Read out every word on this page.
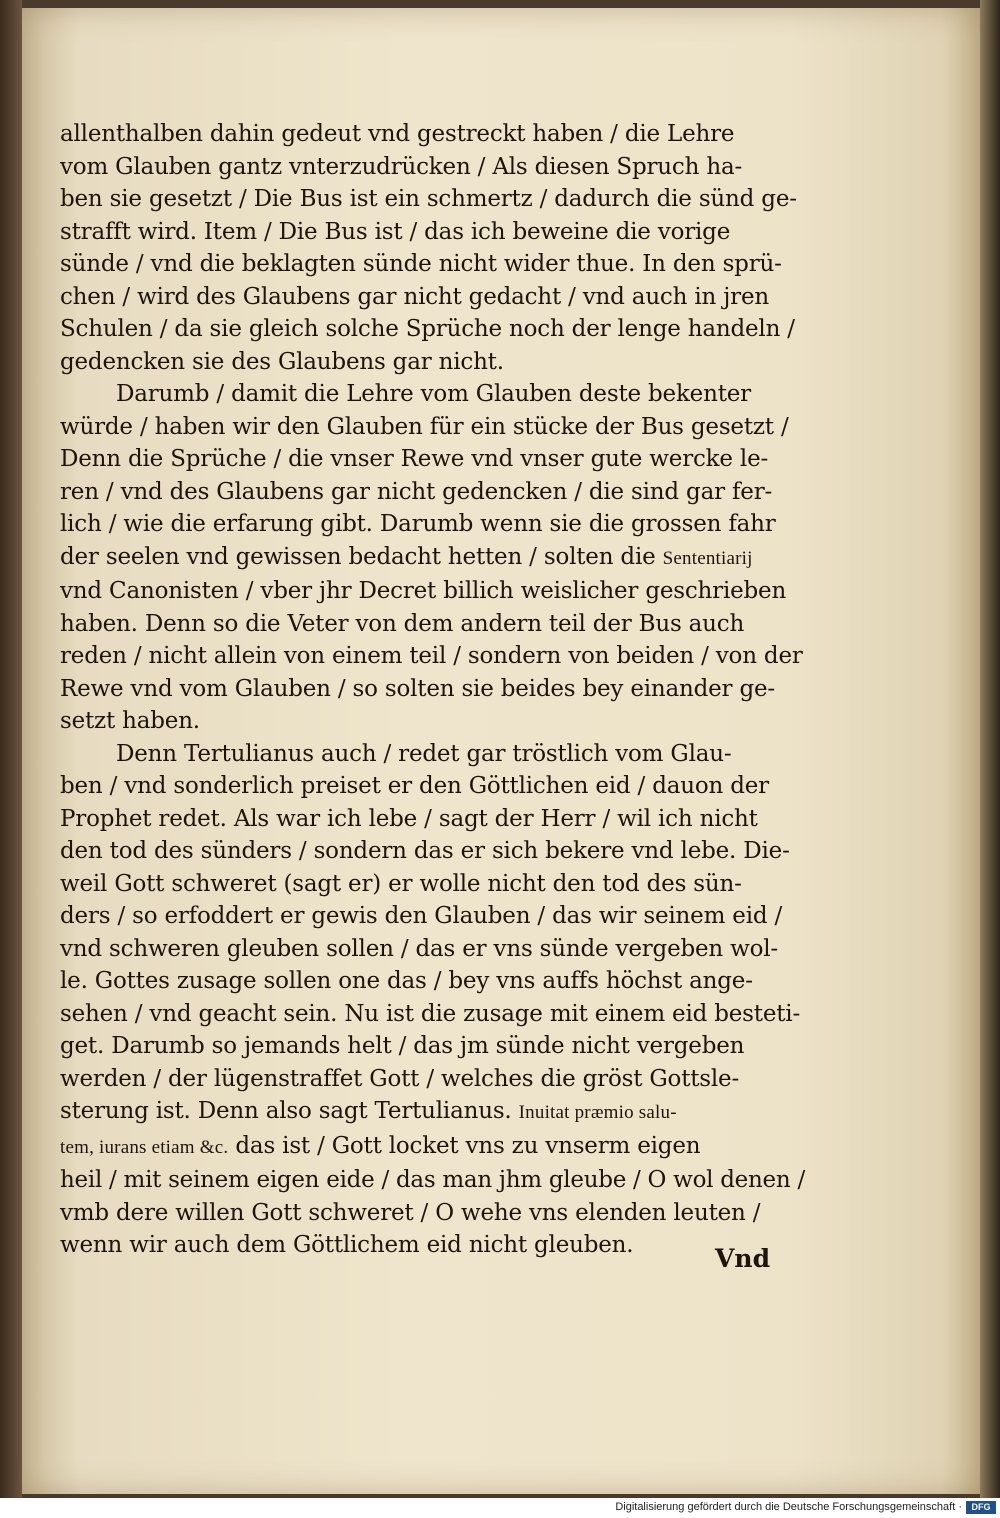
allenthalben dahin gedeut vnd gestreckt haben / die Lehre
vom Glauben gantz vnterzudrücken / Als diesen Spruch ha-
ben sie gesetzt / Die Bus ist ein schmertz / dadurch die sünd ge-
strafft wird. Item / Die Bus ist / das ich beweine die vorige
sünde / vnd die beklagten sünde nicht wider thue. In den sprü-
chen / wird des Glaubens gar nicht gedacht / vnd auch in jren
Schulen / da sie gleich solche Sprüche noch der lenge handeln /
gedencken sie des Glaubens gar nicht.
Darumb / damit die Lehre vom Glauben deste bekenter
würde / haben wir den Glauben für ein stücke der Bus gesetzt /
Denn die Sprüche / die vnser Rewe vnd vnser gute wercke le-
ren / vnd des Glaubens gar nicht gedencken / die sind gar fer-
lich / wie die erfarung gibt. Darumb wenn sie die grossen fahr
der seelen vnd gewissen bedacht hetten / solten die Sententiarij
vnd Canonisten / vber jhr Decret billich weislicher geschrieben
haben. Denn so die Veter von dem andern teil der Bus auch
reden / nicht allein von einem teil / sondern von beiden / von der
Rewe vnd vom Glauben / so solten sie beides bey einander ge-
setzt haben.
Denn Tertulianus auch / redet gar tröstlich vom Glau-
ben / vnd sonderlich preiset er den Göttlichen eid / dauon der
Prophet redet. Als war ich lebe / sagt der Herr / wil ich nicht
den tod des sünders / sondern das er sich bekere vnd lebe. Die-
weil Gott schweret (sagt er) er wolle nicht den tod des sün-
ders / so erfoddert er gewis den Glauben / das wir seinem eid /
vnd schweren gleuben sollen / das er vns sünde vergeben wol-
le. Gottes zusage sollen one das / bey vns auffs höchst ange-
sehen / vnd geacht sein. Nu ist die zusage mit einem eid besteti-
get. Darumb so jemands helt / das jm sünde nicht vergeben
werden / der lügenstraffet Gott / welches die gröst Gottsle-
sterung ist. Denn also sagt Tertulianus. Inuitat præmio salu-
tem, iurans etiam &c. das ist / Gott locket vns zu vnserm eigen
heil / mit seinem eigen eide / das man jhm gleube / O wol denen /
vmb dere willen Gott schweret / O wehe vns elenden leuten /
wenn wir auch dem Göttlichem eid nicht gleuben.	Vnd
Digitalisierung gefördert durch die Deutsche Forschungsgemeinschaft ·	DFG
